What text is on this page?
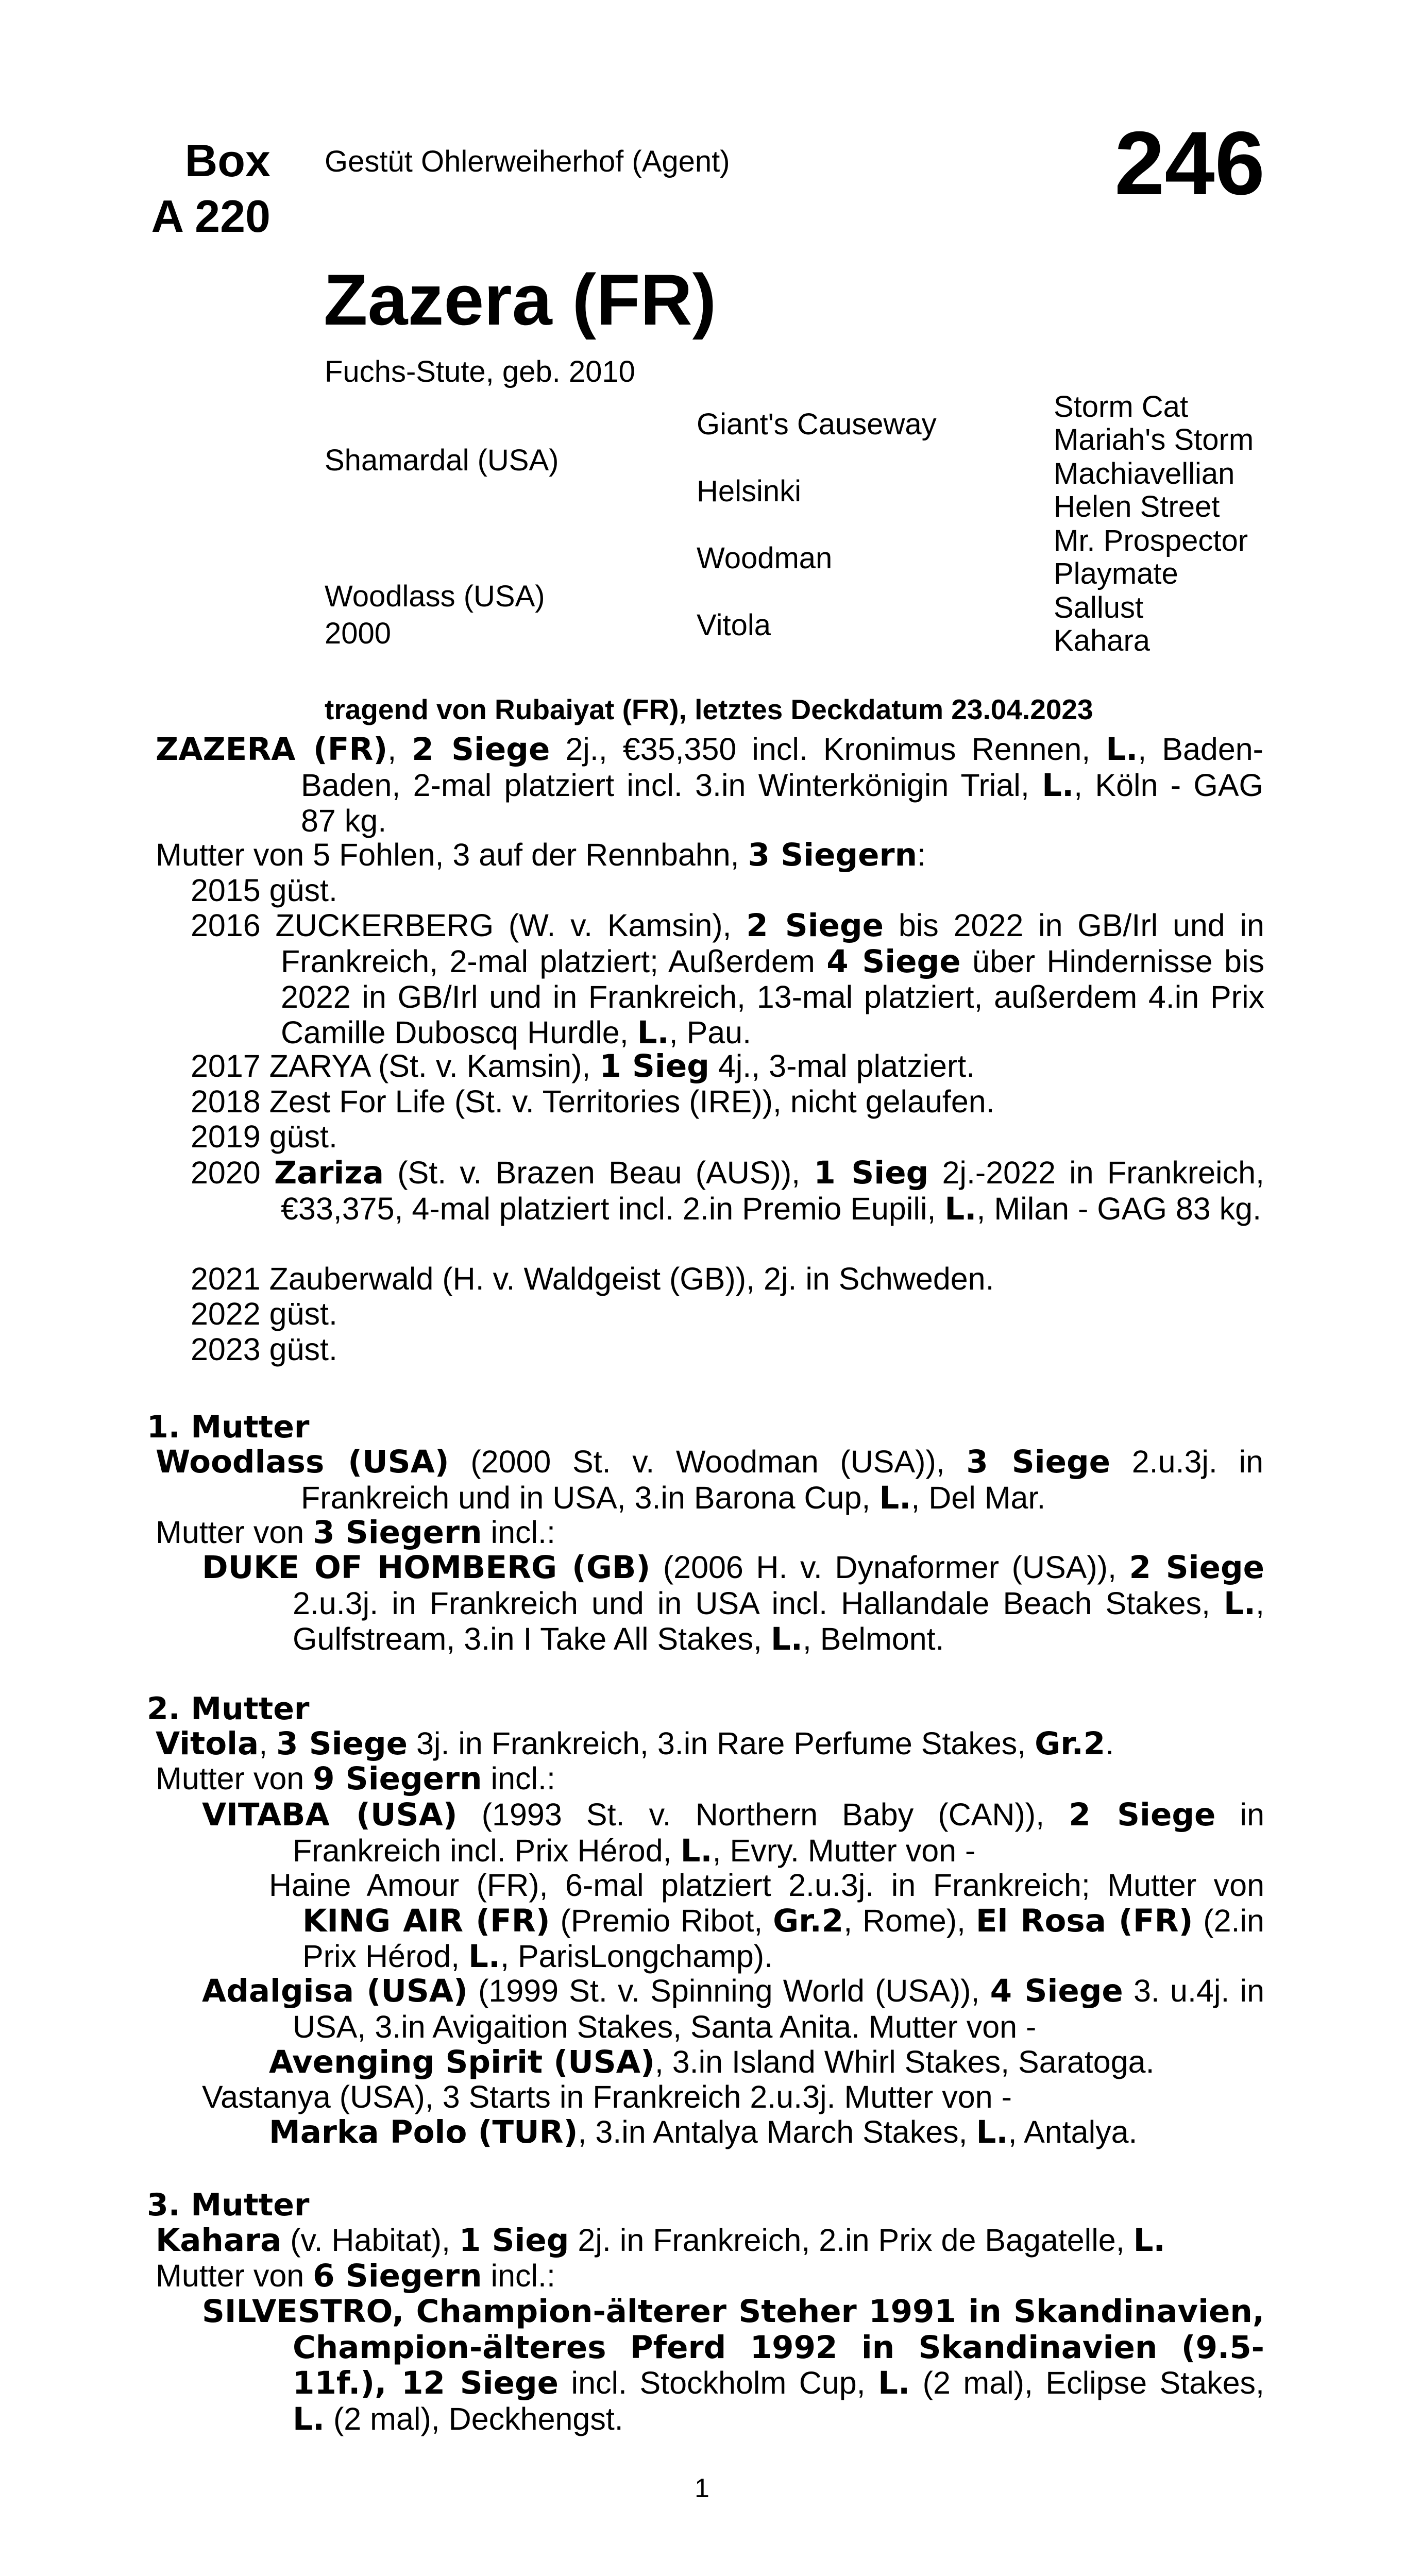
Box
A 220
Gestüt Ohlerweiherhof (Agent)	246
Zazera (FR)
Fuchs-Stute, geb. 2010
Shamardal (USA)
Woodlass (USA)
2000
Giant's Causeway
Helsinki
Woodman
Vitola
Storm Cat
Mariah's Storm
Machiavellian
Helen Street
Mr. Prospector
Playmate
Sallust
Kahara
tragend von Rubaiyat (FR), letztes Deckdatum 23.04.2023
ZAZERA (FR), 2 Siege 2j., €35,350 incl. Kronimus Rennen, L., Baden-Baden, 2-mal platziert incl. 3.in Winterkönigin Trial, L., Köln - GAG 87 kg.
Mutter von 5 Fohlen, 3 auf der Rennbahn, 3 Siegern:
2015 güst.
2016 ZUCKERBERG (W. v. Kamsin), 2 Siege bis 2022 in GB/Irl und in Frankreich, 2-mal platziert; Außerdem 4 Siege über Hindernisse bis 2022 in GB/Irl und in Frankreich, 13-mal platziert, außerdem 4.in Prix Camille Duboscq Hurdle, L., Pau.
2017 ZARYA (St. v. Kamsin), 1 Sieg 4j., 3-mal platziert.
2018 Zest For Life (St. v. Territories (IRE)), nicht gelaufen.
2019 güst.
2020 Zariza (St. v. Brazen Beau (AUS)), 1 Sieg 2j.-2022 in Frankreich, €33,375, 4-mal platziert incl. 2.in Premio Eupili, L., Milan - GAG 83 kg.
2021 Zauberwald (H. v. Waldgeist (GB)), 2j. in Schweden.
2022 güst.
2023 güst.
1. Mutter
Woodlass (USA) (2000 St. v. Woodman (USA)), 3 Siege 2.u.3j. in Frankreich und in USA, 3.in Barona Cup, L., Del Mar.
Mutter von 3 Siegern incl.:
DUKE OF HOMBERG (GB) (2006 H. v. Dynaformer (USA)), 2 Siege 2.u.3j. in Frankreich und in USA incl. Hallandale Beach Stakes, L., Gulfstream, 3.in I Take All Stakes, L., Belmont.
2. Mutter
Vitola, 3 Siege 3j. in Frankreich, 3.in Rare Perfume Stakes, Gr.2.
Mutter von 9 Siegern incl.:
VITABA (USA) (1993 St. v. Northern Baby (CAN)), 2 Siege in Frankreich incl. Prix Hérod, L., Evry. Mutter von -
Haine Amour (FR), 6-mal platziert 2.u.3j. in Frankreich; Mutter von KING AIR (FR) (Premio Ribot, Gr.2, Rome), El Rosa (FR) (2.in Prix Hérod, L., ParisLongchamp).
Adalgisa (USA) (1999 St. v. Spinning World (USA)), 4 Siege 3. u.4j. in USA, 3.in Avigaition Stakes, Santa Anita. Mutter von -
Avenging Spirit (USA), 3.in Island Whirl Stakes, Saratoga.
Vastanya (USA), 3 Starts in Frankreich 2.u.3j. Mutter von -
Marka Polo (TUR), 3.in Antalya March Stakes, L., Antalya.
3. Mutter
Kahara (v. Habitat), 1 Sieg 2j. in Frankreich, 2.in Prix de Bagatelle, L.
Mutter von 6 Siegern incl.:
SILVESTRO, Champion-älterer Steher 1991 in Skandinavien, Champion-älteres Pferd 1992 in Skandinavien (9.5-11f.), 12 Siege incl. Stockholm Cup, L. (2 mal), Eclipse Stakes, L. (2 mal), Deckhengst.
1
